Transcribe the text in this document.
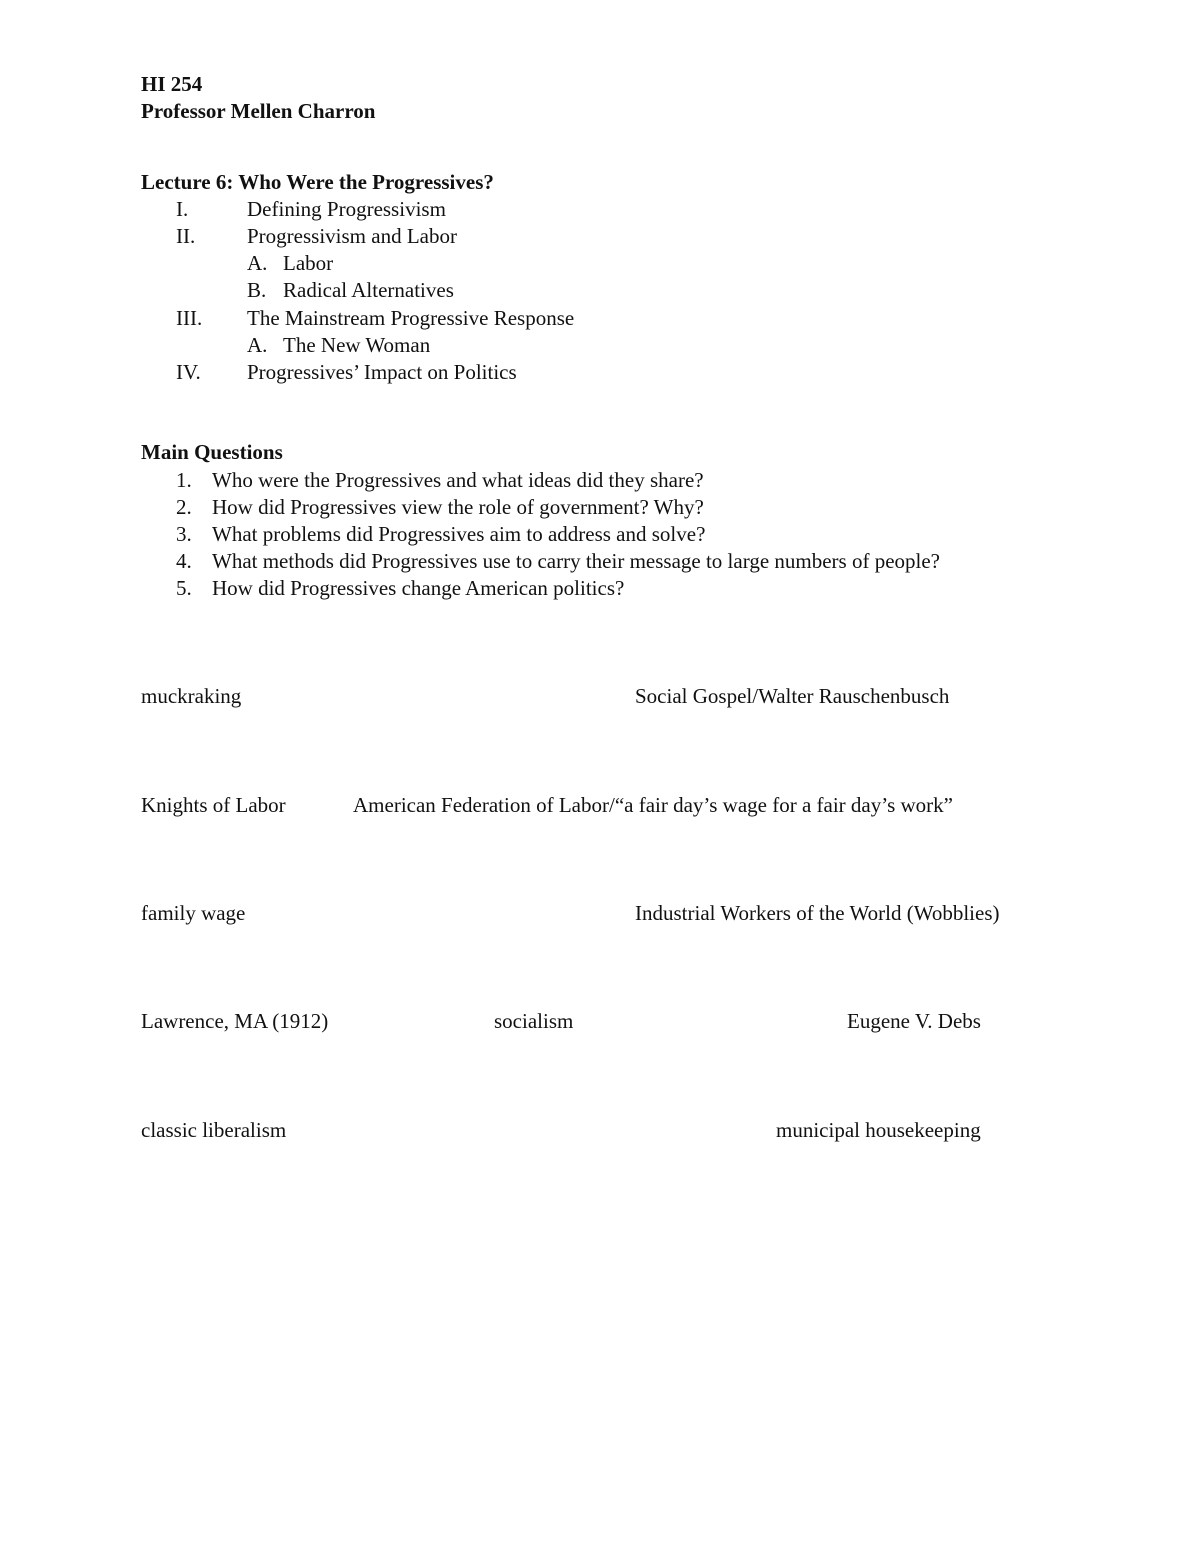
HI 254
Professor Mellen Charron
Lecture 6: Who Were the Progressives?
I.	Defining Progressivism
II. Progressivism and Labor
A. Labor
B. Radical Alternatives
III. The Mainstream Progressive Response
A. The New Woman
IV. Progressives’ Impact on Politics
Main Questions
1. Who were the Progressives and what ideas did they share?
2. How did Progressives view the role of government? Why?
3. What problems did Progressives aim to address and solve?
4. What methods did Progressives use to carry their message to large numbers of people?
5. How did Progressives change American politics?
muckraking	Social Gospel/Walter Rauschenbusch
Knights of Labor	American Federation of Labor/“a fair day’s wage for a fair day’s work”
family wage	Industrial Workers of the World (Wobblies)
Lawrence, MA (1912)	socialism	Eugene V. Debs
classic liberalism	municipal housekeeping
